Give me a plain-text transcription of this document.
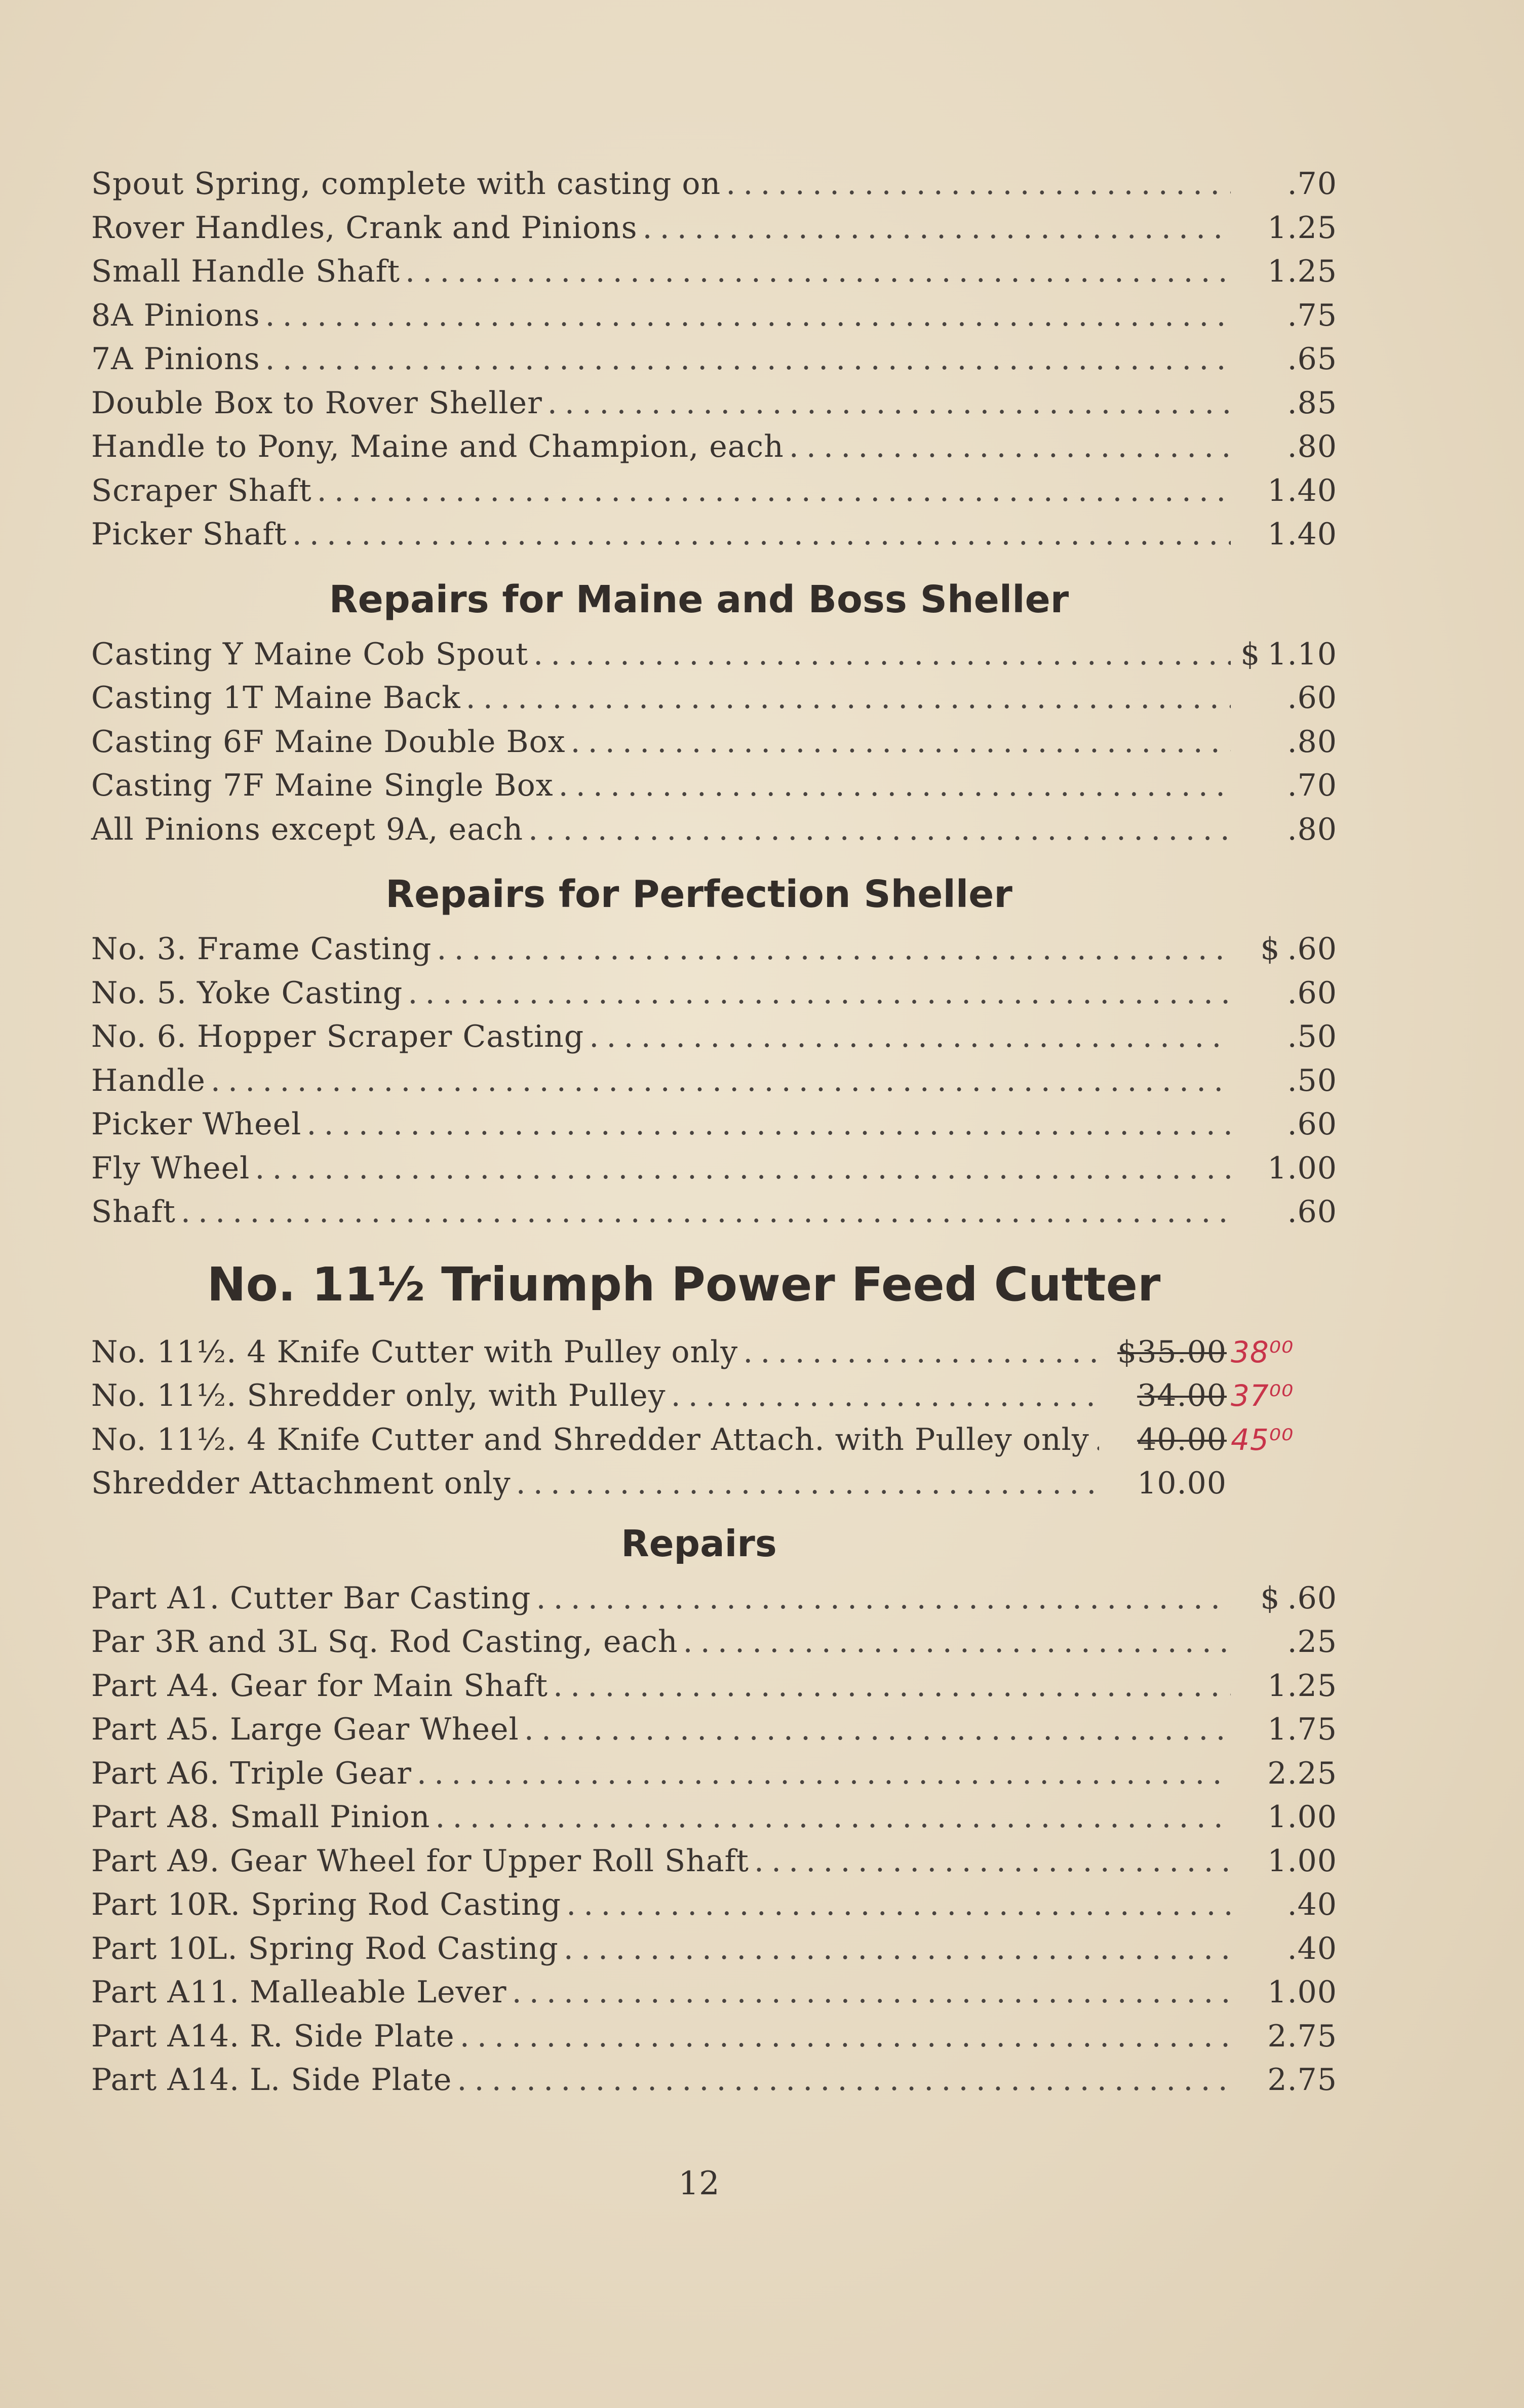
Spout Spring, complete with casting on . . .	.70
Rover Handles, Crank and Pinions . . .	1.25
Small Handle Shaft . . .	1.25
8A Pinions . . .	.75
7A Pinions . . .	.65
Double Box to Rover Sheller . . .	.85
Handle to Pony, Maine and Champion, each . . .	.80
Scraper Shaft . . .	1.40
Picker Shaft . . .	1.40
Repairs for Maine and Boss Sheller
Casting Y Maine Cob Spout . . .	$ 1.10
Casting 1T Maine Back . . .	.60
Casting 6F Maine Double Box . . .	.80
Casting 7F Maine Single Box . . .	.70
All Pinions except 9A, each . . .	.80
Repairs for Perfection Sheller
No. 3. Frame Casting . . .	$ .60
No. 5. Yoke Casting . . .	.60
No. 6. Hopper Scraper Casting . . .	.50
Handle . . .	.50
Picker Wheel . . .	.60
Fly Wheel . . .	1.00
Shaft . . .	.60
No. 11½ Triumph Power Feed Cutter
No. 11½. 4 Knife Cutter with Pulley only . . .	$35.00 38⁰⁰
No. 11½. Shredder only, with Pulley . . .	34.00 37⁰⁰
No. 11½. 4 Knife Cutter and Shredder Attach. with Pulley only . . . 40.00 45⁰⁰
Shredder Attachment only . . .	10.00
Repairs
Part A1. Cutter Bar Casting . . .	$ .60
Par 3R and 3L Sq. Rod Casting, each . . .	.25
Part A4. Gear for Main Shaft . . .	1.25
Part A5. Large Gear Wheel . . .	1.75
Part A6. Triple Gear . . .	2.25
Part A8. Small Pinion . . .	1.00
Part A9. Gear Wheel for Upper Roll Shaft . . .	1.00
Part 10R. Spring Rod Casting . . .	.40
Part 10L. Spring Rod Casting . . .	.40
Part A11. Malleable Lever . . .	1.00
Part A14. R. Side Plate . . .	2.75
Part A14. L. Side Plate . . .	2.75
12
